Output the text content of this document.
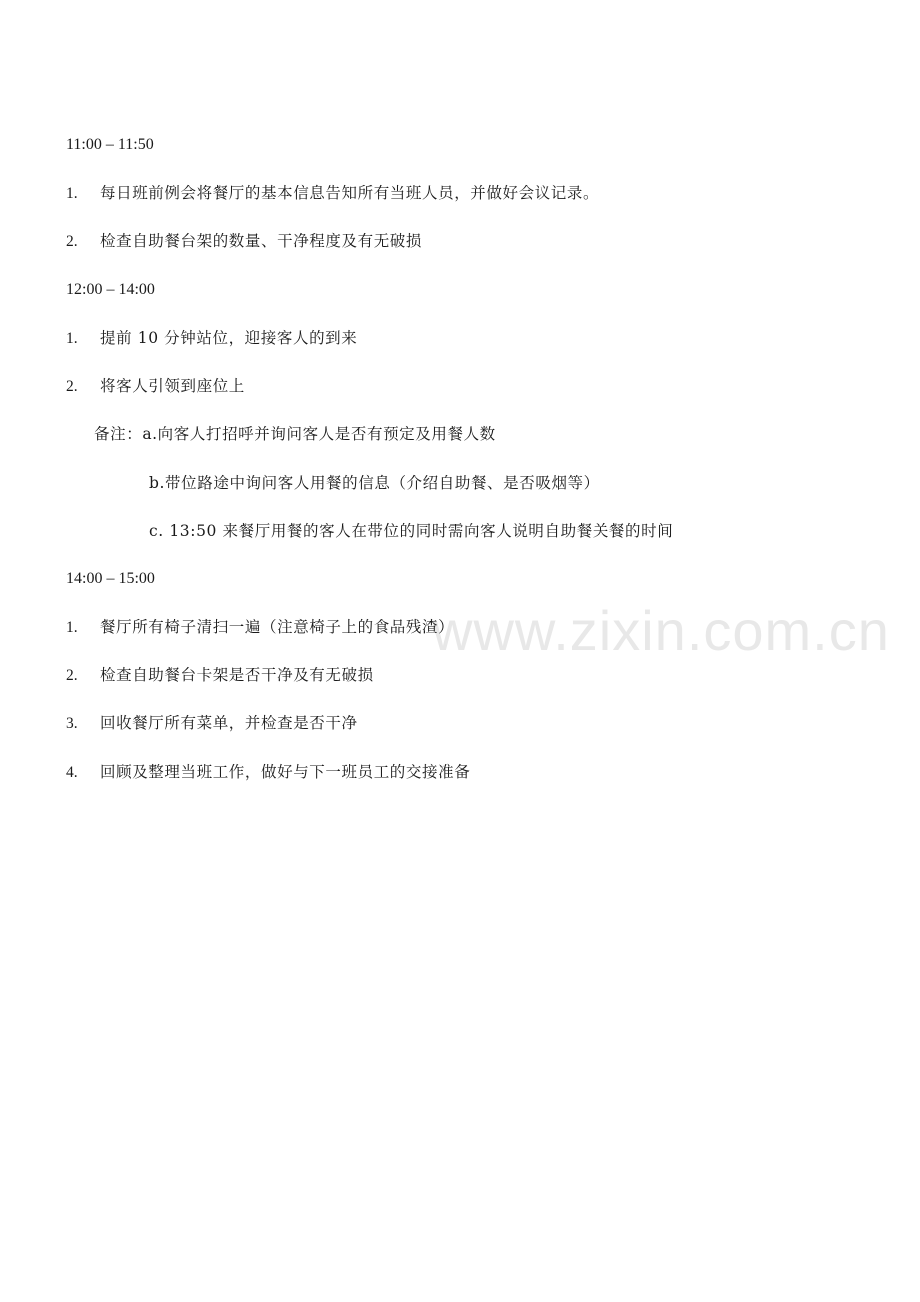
www.zixin.com.cn
11:00 – 11:50
1. 每日班前例会将餐厅的基本信息告知所有当班人员，并做好会议记录。
2. 检查自助餐台架的数量、干净程度及有无破损
12:00 – 14:00
1. 提前 10 分钟站位，迎接客人的到来
2. 将客人引领到座位上
备注：a.向客人打招呼并询问客人是否有预定及用餐人数
b.带位路途中询问客人用餐的信息（介绍自助餐、是否吸烟等）
c. 13:50 来餐厅用餐的客人在带位的同时需向客人说明自助餐关餐的时间
14:00 – 15:00
1. 餐厅所有椅子清扫一遍（注意椅子上的食品残渣）
2. 检查自助餐台卡架是否干净及有无破损
3. 回收餐厅所有菜单，并检查是否干净
4. 回顾及整理当班工作，做好与下一班员工的交接准备
